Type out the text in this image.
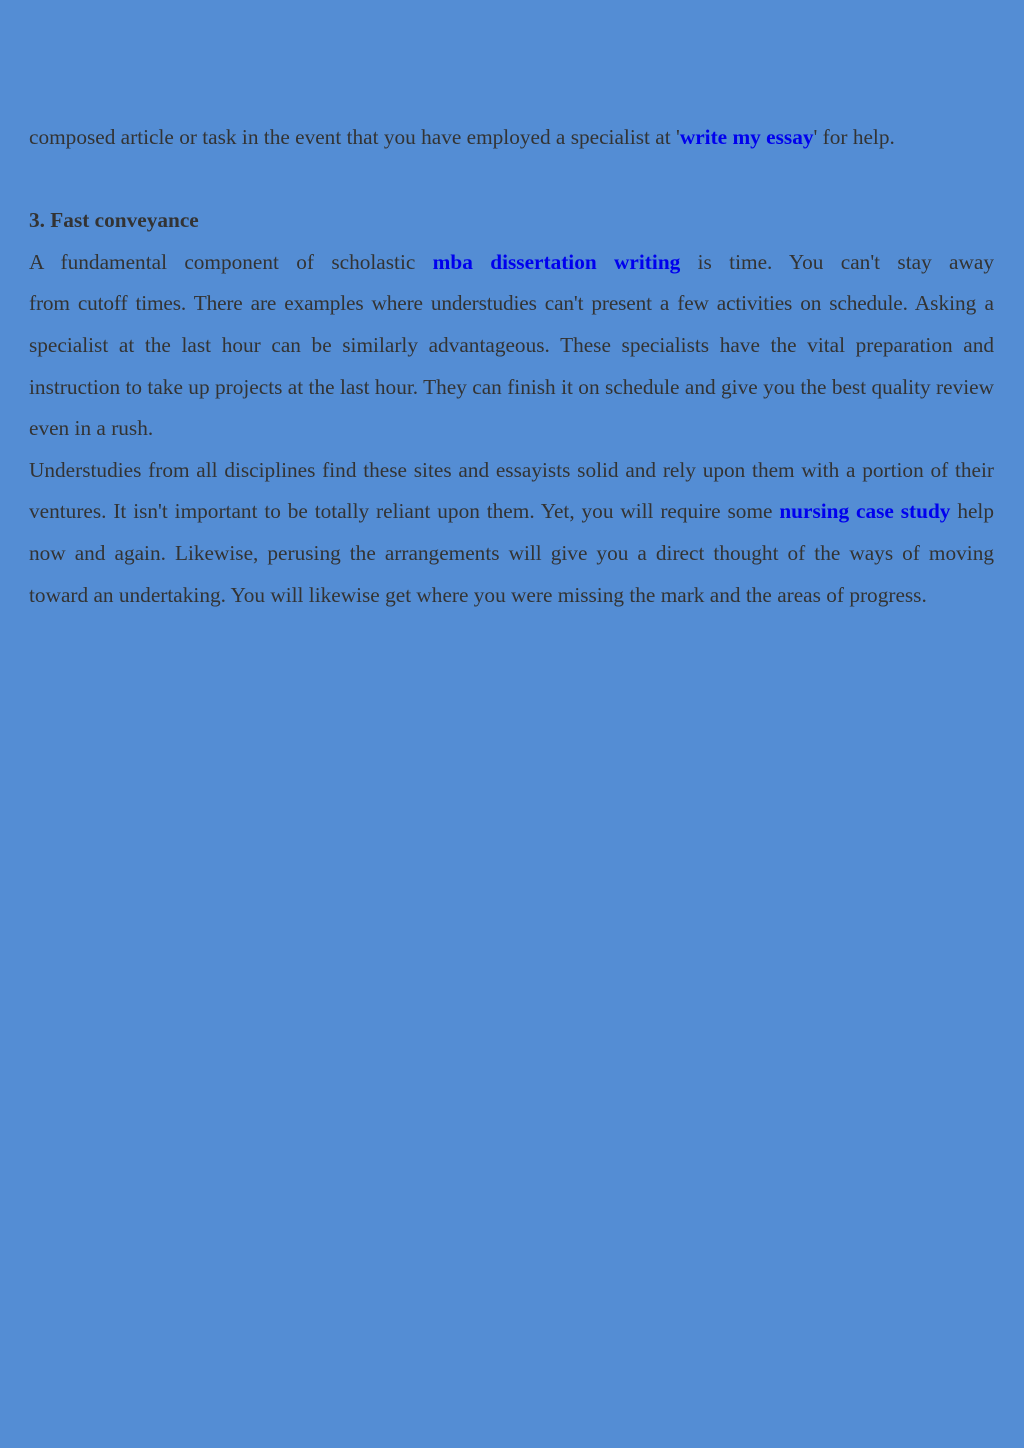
composed article or task in the event that you have employed a specialist at 'write my essay' for help.

3. Fast conveyance

A fundamental component of scholastic mba dissertation writing is time. You can't stay away from cutoff times. There are examples where understudies can't present a few activities on schedule. Asking a specialist at the last hour can be similarly advantageous. These specialists have the vital preparation and instruction to take up projects at the last hour. They can finish it on schedule and give you the best quality review even in a rush.

Understudies from all disciplines find these sites and essayists solid and rely upon them with a portion of their ventures. It isn't important to be totally reliant upon them. Yet, you will require some nursing case study help now and again. Likewise, perusing the arrangements will give you a direct thought of the ways of moving toward an undertaking. You will likewise get where you were missing the mark and the areas of progress.
